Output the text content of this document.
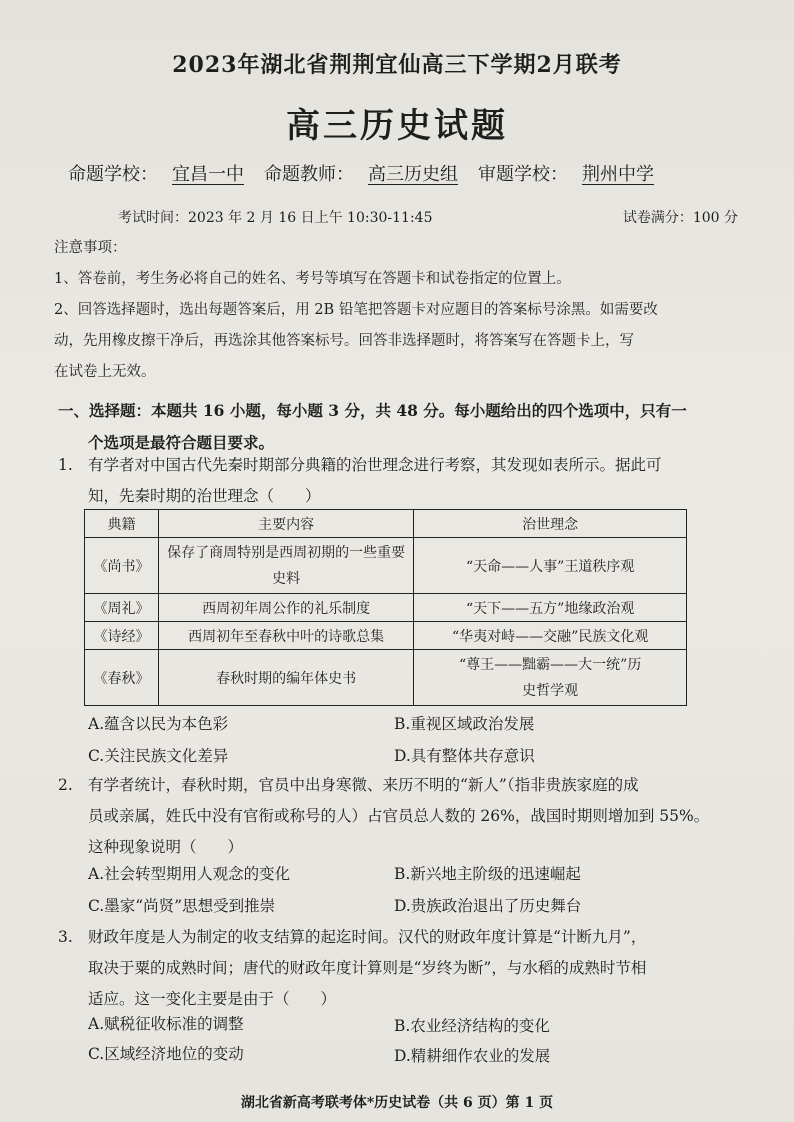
2023年湖北省荆荆宜仙高三下学期2月联考
高三历史试题
命题学校： 宜昌一中 命题教师： 高三历史组 审题学校： 荆州中学
考试时间：2023 年 2 月 16 日上午 10:30-11:45	试卷满分：100 分

注意事项：

1、答卷前，考生务必将自己的姓名、考号等填写在答题卡和试卷指定的位置上。

2、回答选择题时，选出每题答案后，用 2B 铅笔把答题卡对应题目的答案标号涂黑。如需要改

动，先用橡皮擦干净后，再选涂其他答案标号。回答非选择题时，将答案写在答题卡上，写

在试卷上无效。

一、选择题：本题共 16 小题，每小题 3 分，共 48 分。每小题给出的四个选项中，只有一
个选项是最符合题目要求。
1. 有学者对中国古代先秦时期部分典籍的治世理念进行考察，其发现如表所示。据此可
知，先秦时期的治世理念（　　）
典籍	主要内容	治世理念
《尚书》	保存了商周特别是西周初期的一些重要史料	“天命——人事”王道秩序观
《周礼》	西周初年周公作的礼乐制度	“天下——五方”地缘政治观
《诗经》	西周初年至春秋中叶的诗歌总集	“华夷对峙——交融”民族文化观
《春秋》	春秋时期的编年体史书	“尊王——黜霸——大一统”历史哲学观
A.蕴含以民为本色彩	B.重视区域政治发展
C.关注民族文化差异	D.具有整体共存意识
2. 有学者统计，春秋时期，官员中出身寒微、来历不明的“新人”（指非贵族家庭的成
员或亲属，姓氏中没有官衔或称号的人）占官员总人数的 26%，战国时期则增加到 55%。
这种现象说明（　　）
A.社会转型期用人观念的变化	B.新兴地主阶级的迅速崛起
C.墨家“尚贤”思想受到推崇	D.贵族政治退出了历史舞台
3. 财政年度是人为制定的收支结算的起迄时间。汉代的财政年度计算是“计断九月”，
取决于粟的成熟时间；唐代的财政年度计算则是“岁终为断”，与水稻的成熟时节相
适应。这一变化主要是由于（　　）
A.赋税征收标准的调整	B.农业经济结构的变化
C.区域经济地位的变动	D.精耕细作农业的发展
湖北省新高考联考体*历史试卷（共 6 页）第 1 页
